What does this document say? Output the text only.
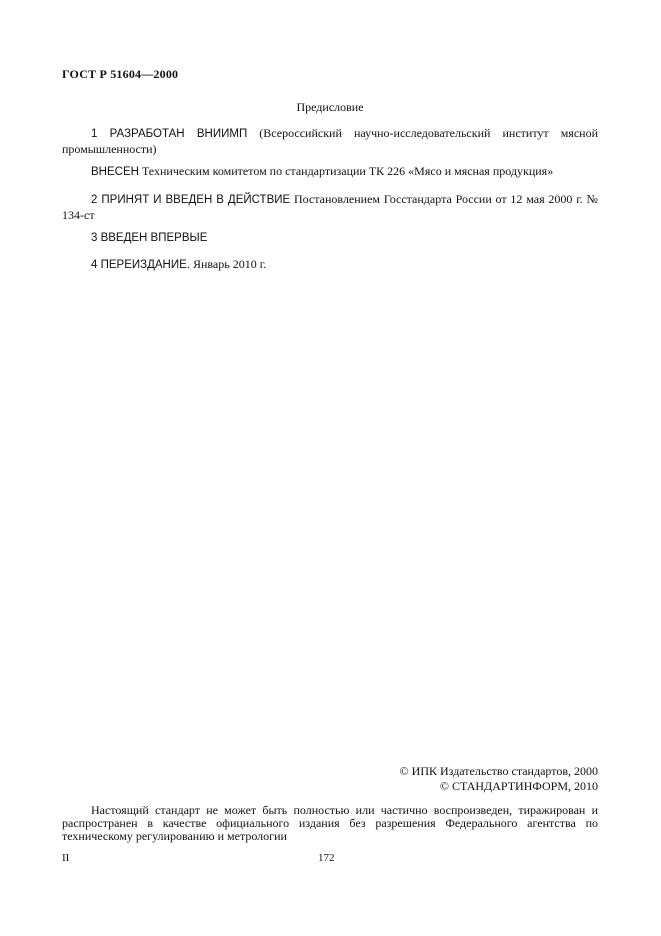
ГОСТ Р 51604—2000
Предисловие
1 РАЗРАБОТАН ВНИИМП (Всероссийский научно-исследовательский институт мясной промышленности)
ВНЕСЕН Техническим комитетом по стандартизации ТК 226 «Мясо и мясная продукция»
2 ПРИНЯТ И ВВЕДЕН В ДЕЙСТВИЕ Постановлением Госстандарта России от 12 мая 2000 г. № 134-ст
3 ВВЕДЕН ВПЕРВЫЕ
4 ПЕРЕИЗДАНИЕ. Январь 2010 г.
© ИПК Издательство стандартов, 2000
© СТАНДАРТИНФОРМ, 2010
Настоящий стандарт не может быть полностью или частично воспроизведен, тиражирован и распространен в качестве официального издания без разрешения Федерального агентства по техническому регулированию и метрологии
II	172
